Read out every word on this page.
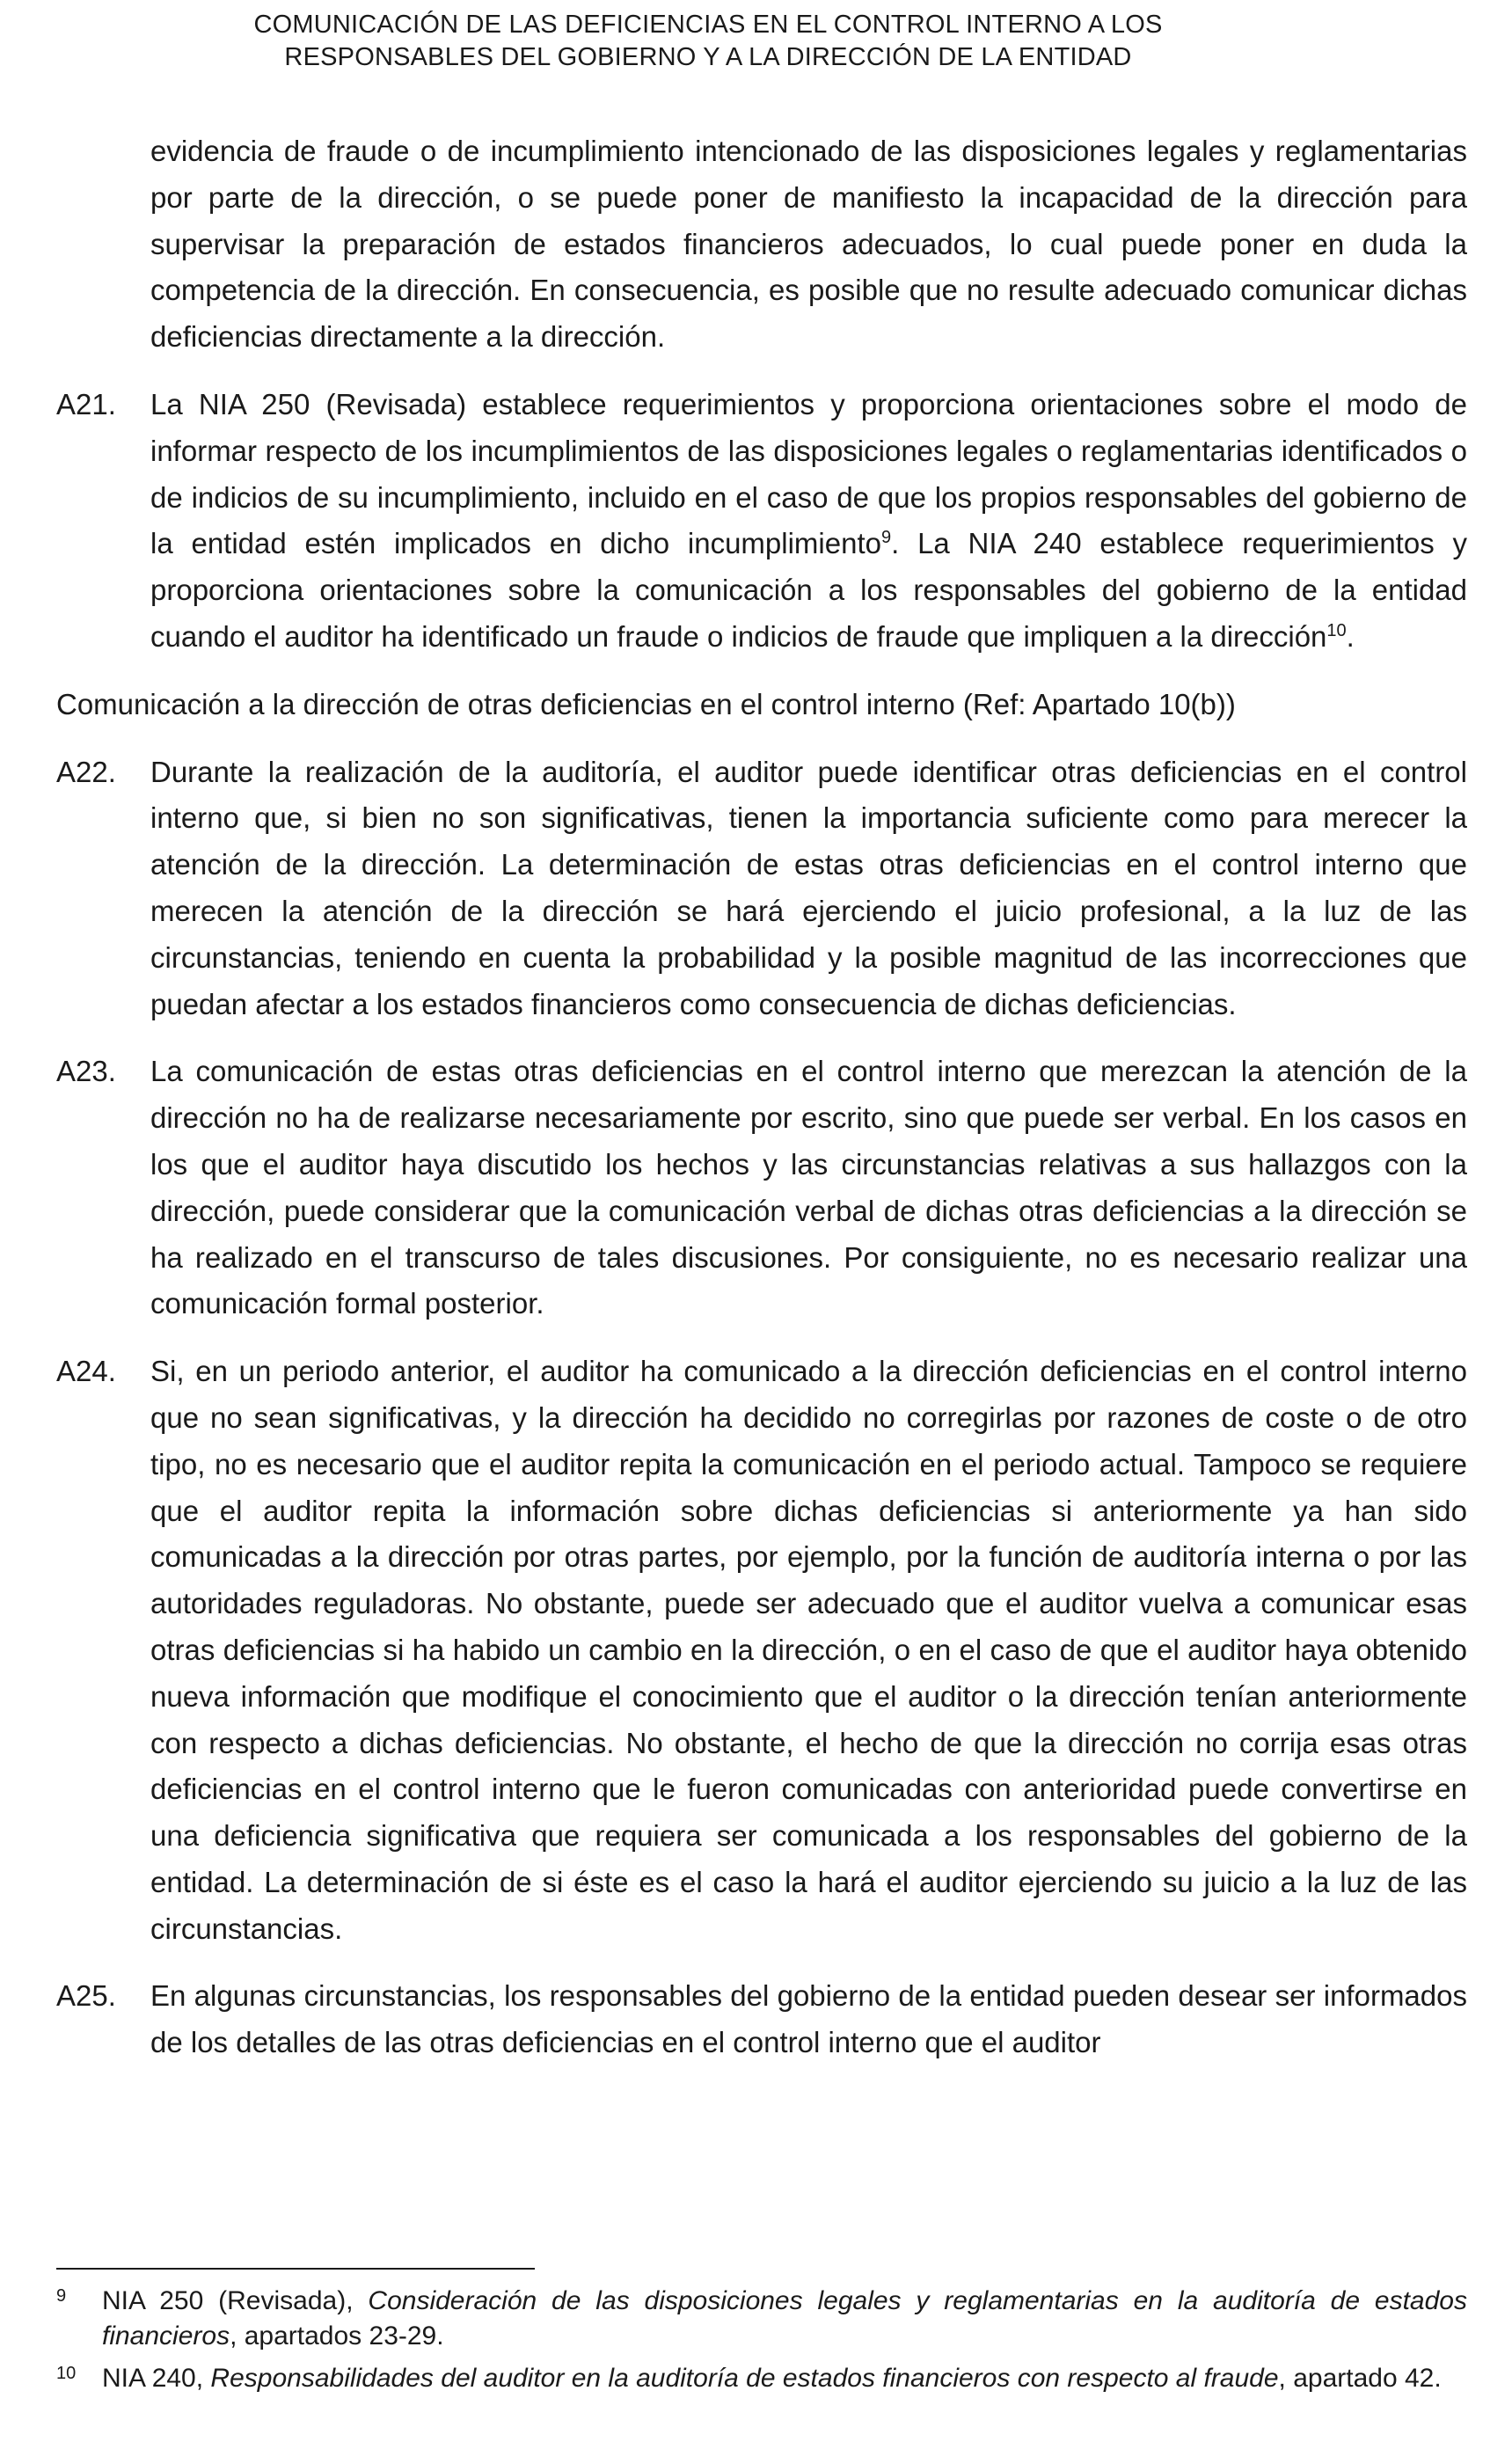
COMUNICACIÓN DE LAS DEFICIENCIAS EN EL CONTROL INTERNO A LOS
RESPONSABLES DEL GOBIERNO Y A LA DIRECCIÓN DE LA ENTIDAD
evidencia de fraude o de incumplimiento intencionado de las disposiciones legales y reglamentarias por parte de la dirección, o se puede poner de manifiesto la incapacidad de la dirección para supervisar la preparación de estados financieros adecuados, lo cual puede poner en duda la competencia de la dirección. En consecuencia, es posible que no resulte adecuado comunicar dichas deficiencias directamente a la dirección.
A21.	La NIA 250 (Revisada) establece requerimientos y proporciona orientaciones sobre el modo de informar respecto de los incumplimientos de las disposiciones legales o reglamentarias identificados o de indicios de su incumplimiento, incluido en el caso de que los propios responsables del gobierno de la entidad estén implicados en dicho incumplimiento$^9$. La NIA 240 establece requerimientos y proporciona orientaciones sobre la comunicación a los responsables del gobierno de la entidad cuando el auditor ha identificado un fraude o indicios de fraude que impliquen a la dirección$^{10}$.
Comunicación a la dirección de otras deficiencias en el control interno (Ref: Apartado 10(b))
A22.	Durante la realización de la auditoría, el auditor puede identificar otras deficiencias en el control interno que, si bien no son significativas, tienen la importancia suficiente como para merecer la atención de la dirección. La determinación de estas otras deficiencias en el control interno que merecen la atención de la dirección se hará ejerciendo el juicio profesional, a la luz de las circunstancias, teniendo en cuenta la probabilidad y la posible magnitud de las incorrecciones que puedan afectar a los estados financieros como consecuencia de dichas deficiencias.
A23.	La comunicación de estas otras deficiencias en el control interno que merezcan la atención de la dirección no ha de realizarse necesariamente por escrito, sino que puede ser verbal. En los casos en los que el auditor haya discutido los hechos y las circunstancias relativas a sus hallazgos con la dirección, puede considerar que la comunicación verbal de dichas otras deficiencias a la dirección se ha realizado en el transcurso de tales discusiones. Por consiguiente, no es necesario realizar una comunicación formal posterior.
A24.	Si, en un periodo anterior, el auditor ha comunicado a la dirección deficiencias en el control interno que no sean significativas, y la dirección ha decidido no corregirlas por razones de coste o de otro tipo, no es necesario que el auditor repita la comunicación en el periodo actual. Tampoco se requiere que el auditor repita la información sobre dichas deficiencias si anteriormente ya han sido comunicadas a la dirección por otras partes, por ejemplo, por la función de auditoría interna o por las autoridades reguladoras. No obstante, puede ser adecuado que el auditor vuelva a comunicar esas otras deficiencias si ha habido un cambio en la dirección, o en el caso de que el auditor haya obtenido nueva información que modifique el conocimiento que el auditor o la dirección tenían anteriormente con respecto a dichas deficiencias. No obstante, el hecho de que la dirección no corrija esas otras deficiencias en el control interno que le fueron comunicadas con anterioridad puede convertirse en una deficiencia significativa que requiera ser comunicada a los responsables del gobierno de la entidad. La determinación de si éste es el caso la hará el auditor ejerciendo su juicio a la luz de las circunstancias.
A25.	En algunas circunstancias, los responsables del gobierno de la entidad pueden desear ser informados de los detalles de las otras deficiencias en el control interno que el auditor
9	NIA 250 (Revisada), Consideración de las disposiciones legales y reglamentarias en la auditoría de estados financieros, apartados 23-29.
10 NIA 240, Responsabilidades del auditor en la auditoría de estados financieros con respecto al fraude, apartado 42.
